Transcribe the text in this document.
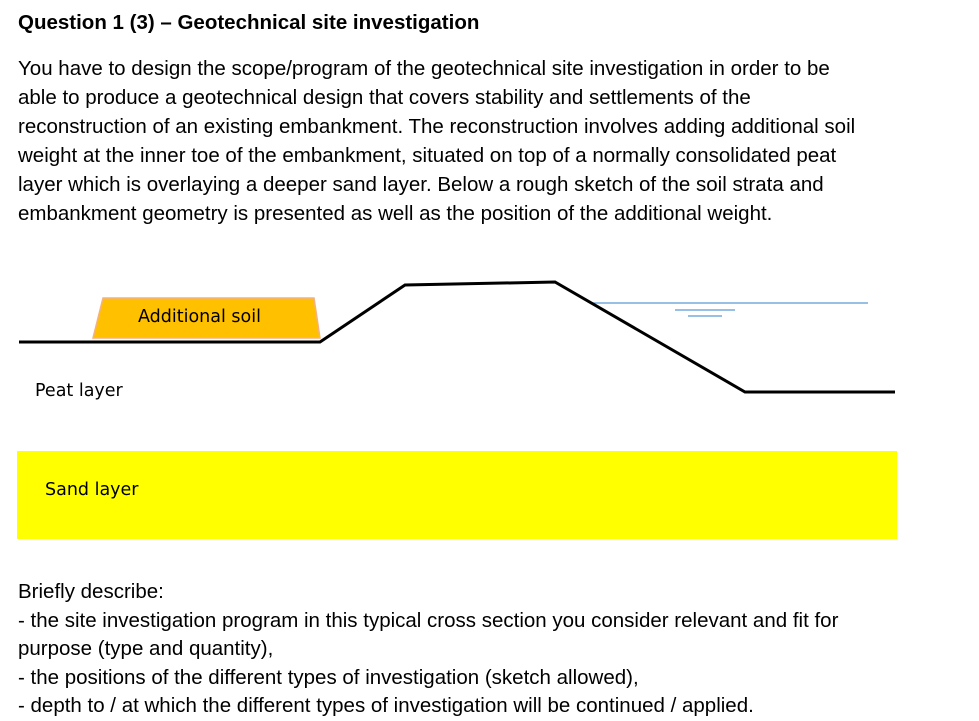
Question 1 (3) – Geotechnical site investigation
You have to design the scope/program of the geotechnical site investigation in order to be
able to produce a geotechnical design that covers stability and settlements of the
reconstruction of an existing embankment. The reconstruction involves adding additional soil
weight at the inner toe of the embankment, situated on top of a normally consolidated peat
layer which is overlaying a deeper sand layer. Below a rough sketch of the soil strata and
embankment geometry is presented as well as the position of the additional weight.
Additional soil
Peat layer
Sand layer
Briefly describe:
- the site investigation program in this typical cross section you consider relevant and fit for
purpose (type and quantity),
- the positions of the different types of investigation (sketch allowed),
- depth to / at which the different types of investigation will be continued / applied.
